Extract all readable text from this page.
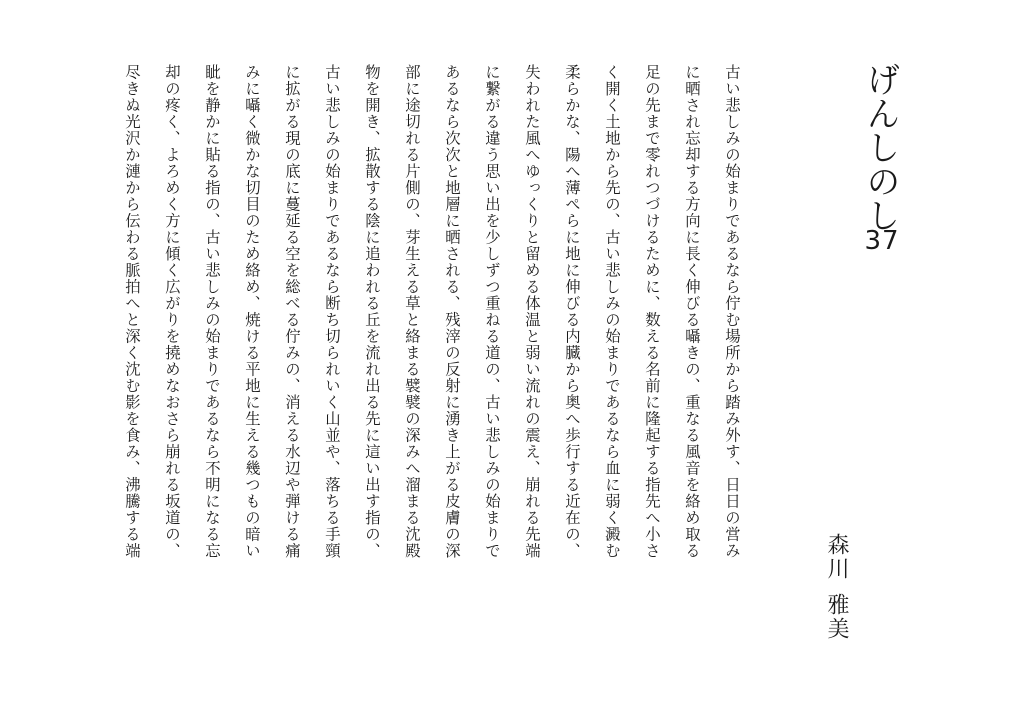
げんしのし
37
森川
雅美
古い悲しみの始まりであるなら佇む場所から踏み外す、日日の営み
に晒され忘却する方向に長く伸びる囁きの、重なる風音を絡め取る
足の先まで零れつづけるために、数える名前に隆起する指先へ小さ
く開く土地から先の、古い悲しみの始まりであるなら血に弱く澱む
柔らかな、陽へ薄ぺらに地に伸びる内臓から奥へ歩行する近在の、
失われた風へゆっくりと留める体温と弱い流れの震え、崩れる先端
に繋がる違う思い出を少しずつ重ねる道の、古い悲しみの始まりで
あるなら次次と地層に晒される、残滓の反射に湧き上がる皮膚の深
部に途切れる片側の、芽生える草と絡まる襞襞の深みへ溜まる沈殿
物を開き、拡散する陰に追われる丘を流れ出る先に這い出す指の、
古い悲しみの始まりであるなら断ち切られいく山並や、落ちる手頸
に拡がる現の底に蔓延る空を総べる佇みの、消える水辺や弾ける痛
みに囁く微かな切目のため絡め、焼ける平地に生える幾つもの暗い
眦を静かに貼る指の、古い悲しみの始まりであるなら不明になる忘
却の疼く、よろめく方に傾く広がりを撓めなおさら崩れる坂道の、
尽きぬ光沢か漣から伝わる脈拍へと深く沈む影を食み、沸騰する端
